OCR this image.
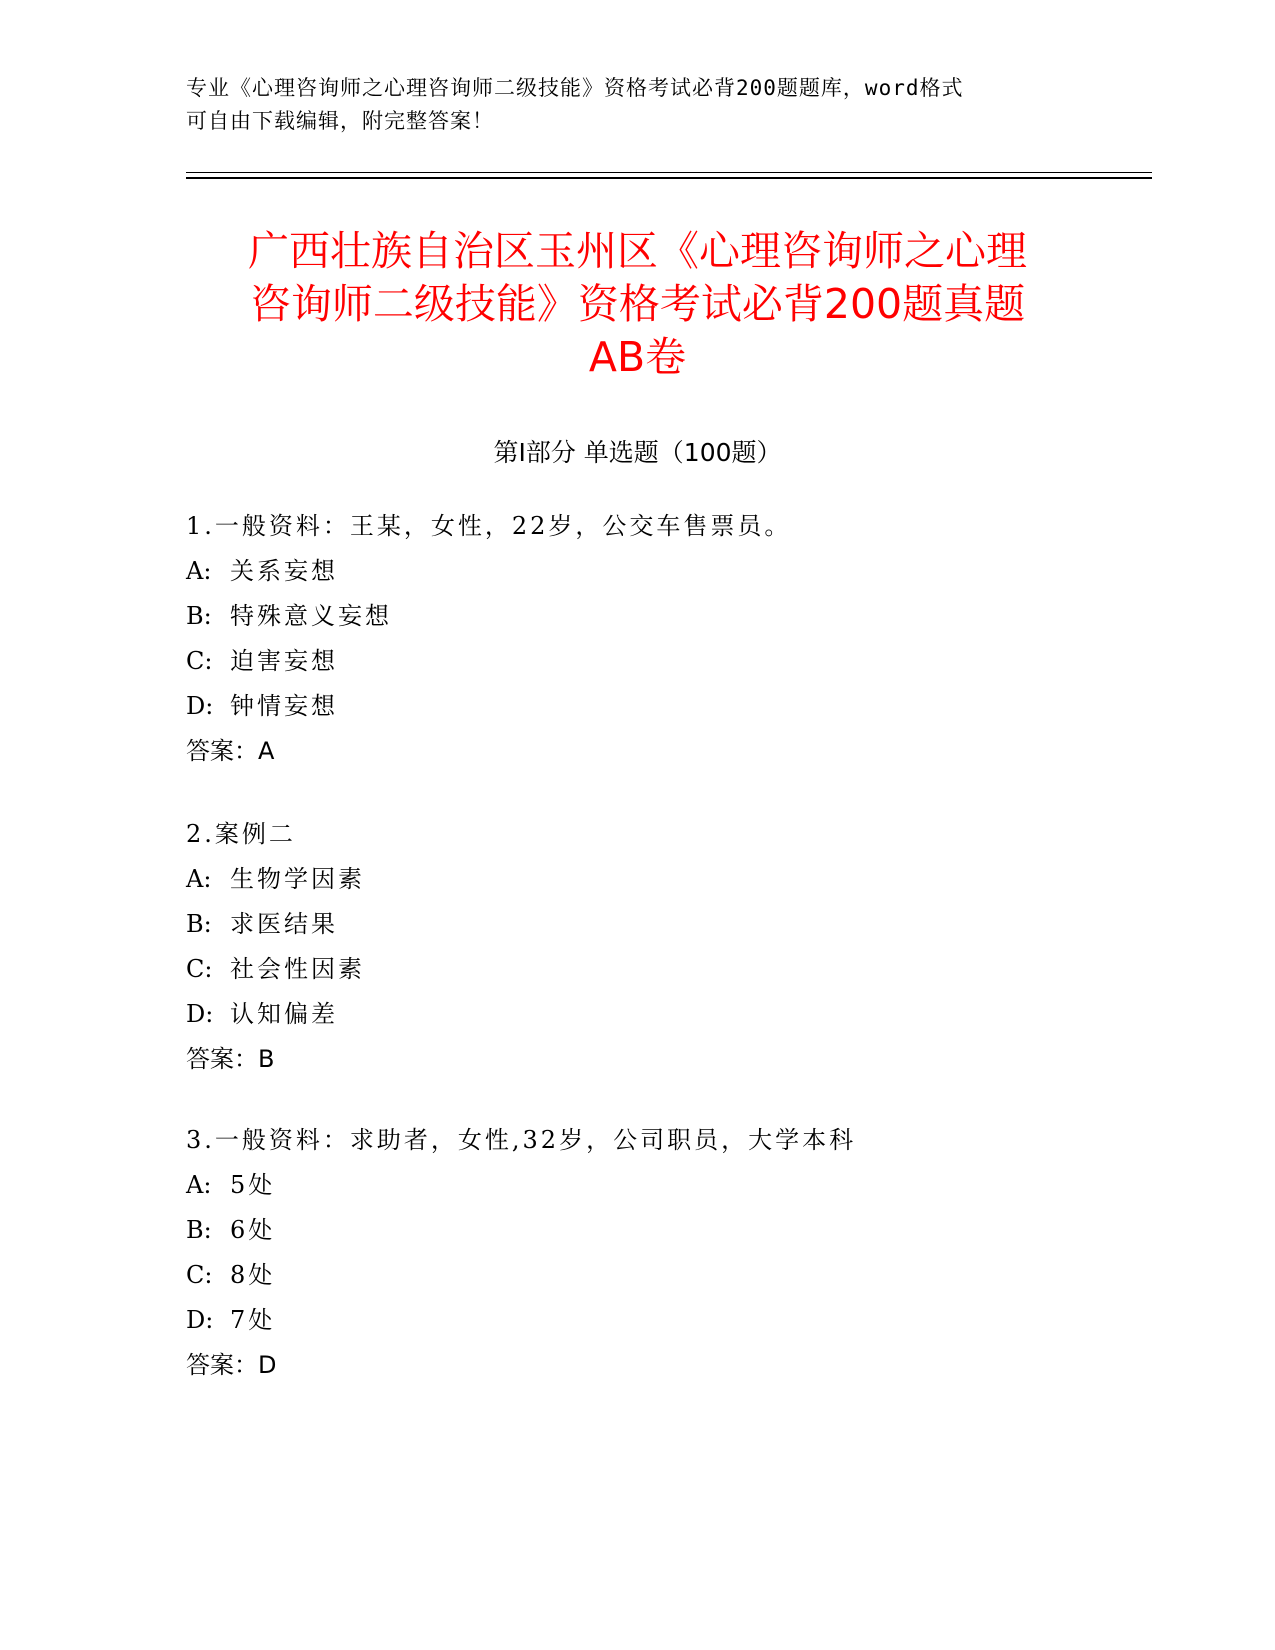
专业《心理咨询师之心理咨询师二级技能》资格考试必背200题题库，word格式
可自由下载编辑，附完整答案！
广西壮族自治区玉州区《心理咨询师之心理
咨询师二级技能》资格考试必背200题真题
AB卷
第Ⅰ部分 单选题（100题）
1.一般资料：王某，女性，22岁，公交车售票员。
A: 关系妄想
B: 特殊意义妄想
C: 迫害妄想
D: 钟情妄想
答案：A
2.案例二
A: 生物学因素
B: 求医结果
C: 社会性因素
D: 认知偏差
答案：B
3.一般资料：求助者，女性,32岁，公司职员，大学本科
A: 5处
B: 6处
C: 8处
D: 7处
答案：D
